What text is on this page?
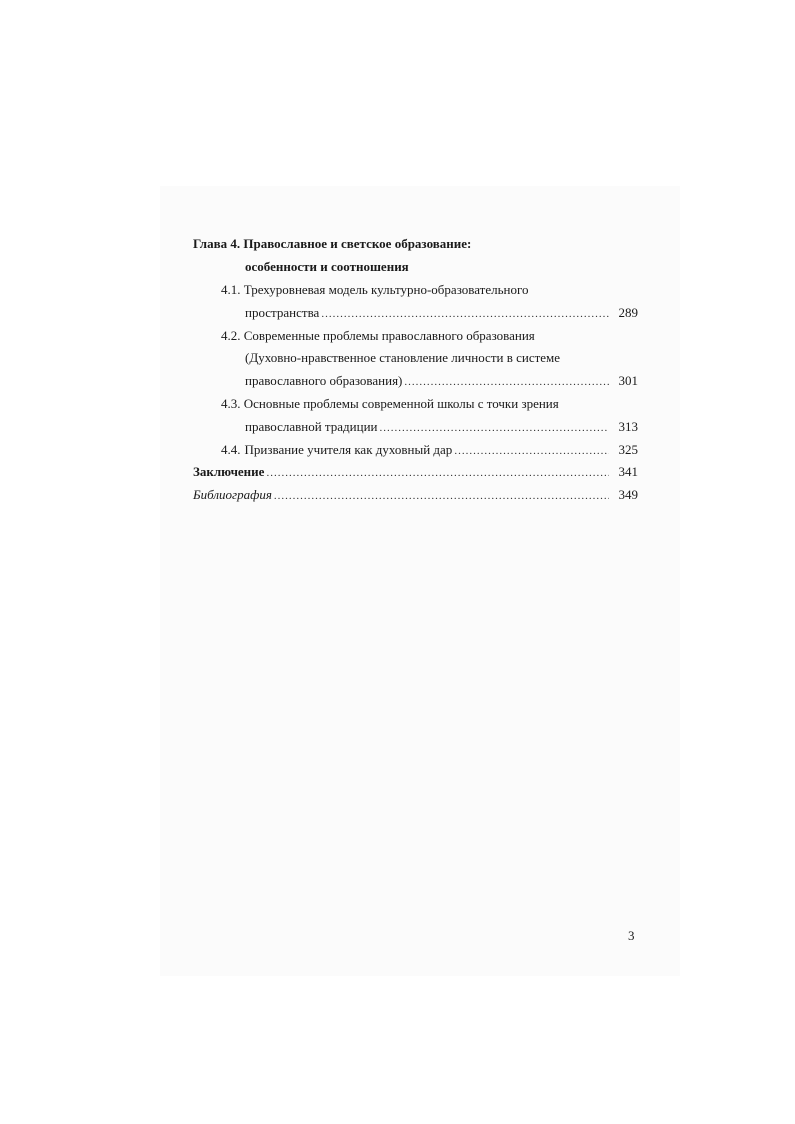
Глава 4. Православное и светское образование:
особенности и соотношения
4.1. Трехуровневая модель культурно-образовательного
пространства .....	289
4.2. Современные проблемы православного образования
(Духовно-нравственное становление личности в системе
православного образования) .....	301
4.3. Основные проблемы современной школы с точки зрения
православной традиции .....	313
4.4. Призвание учителя как духовный дар .....	325
Заключение .....	341
Библиография .....	349
3
